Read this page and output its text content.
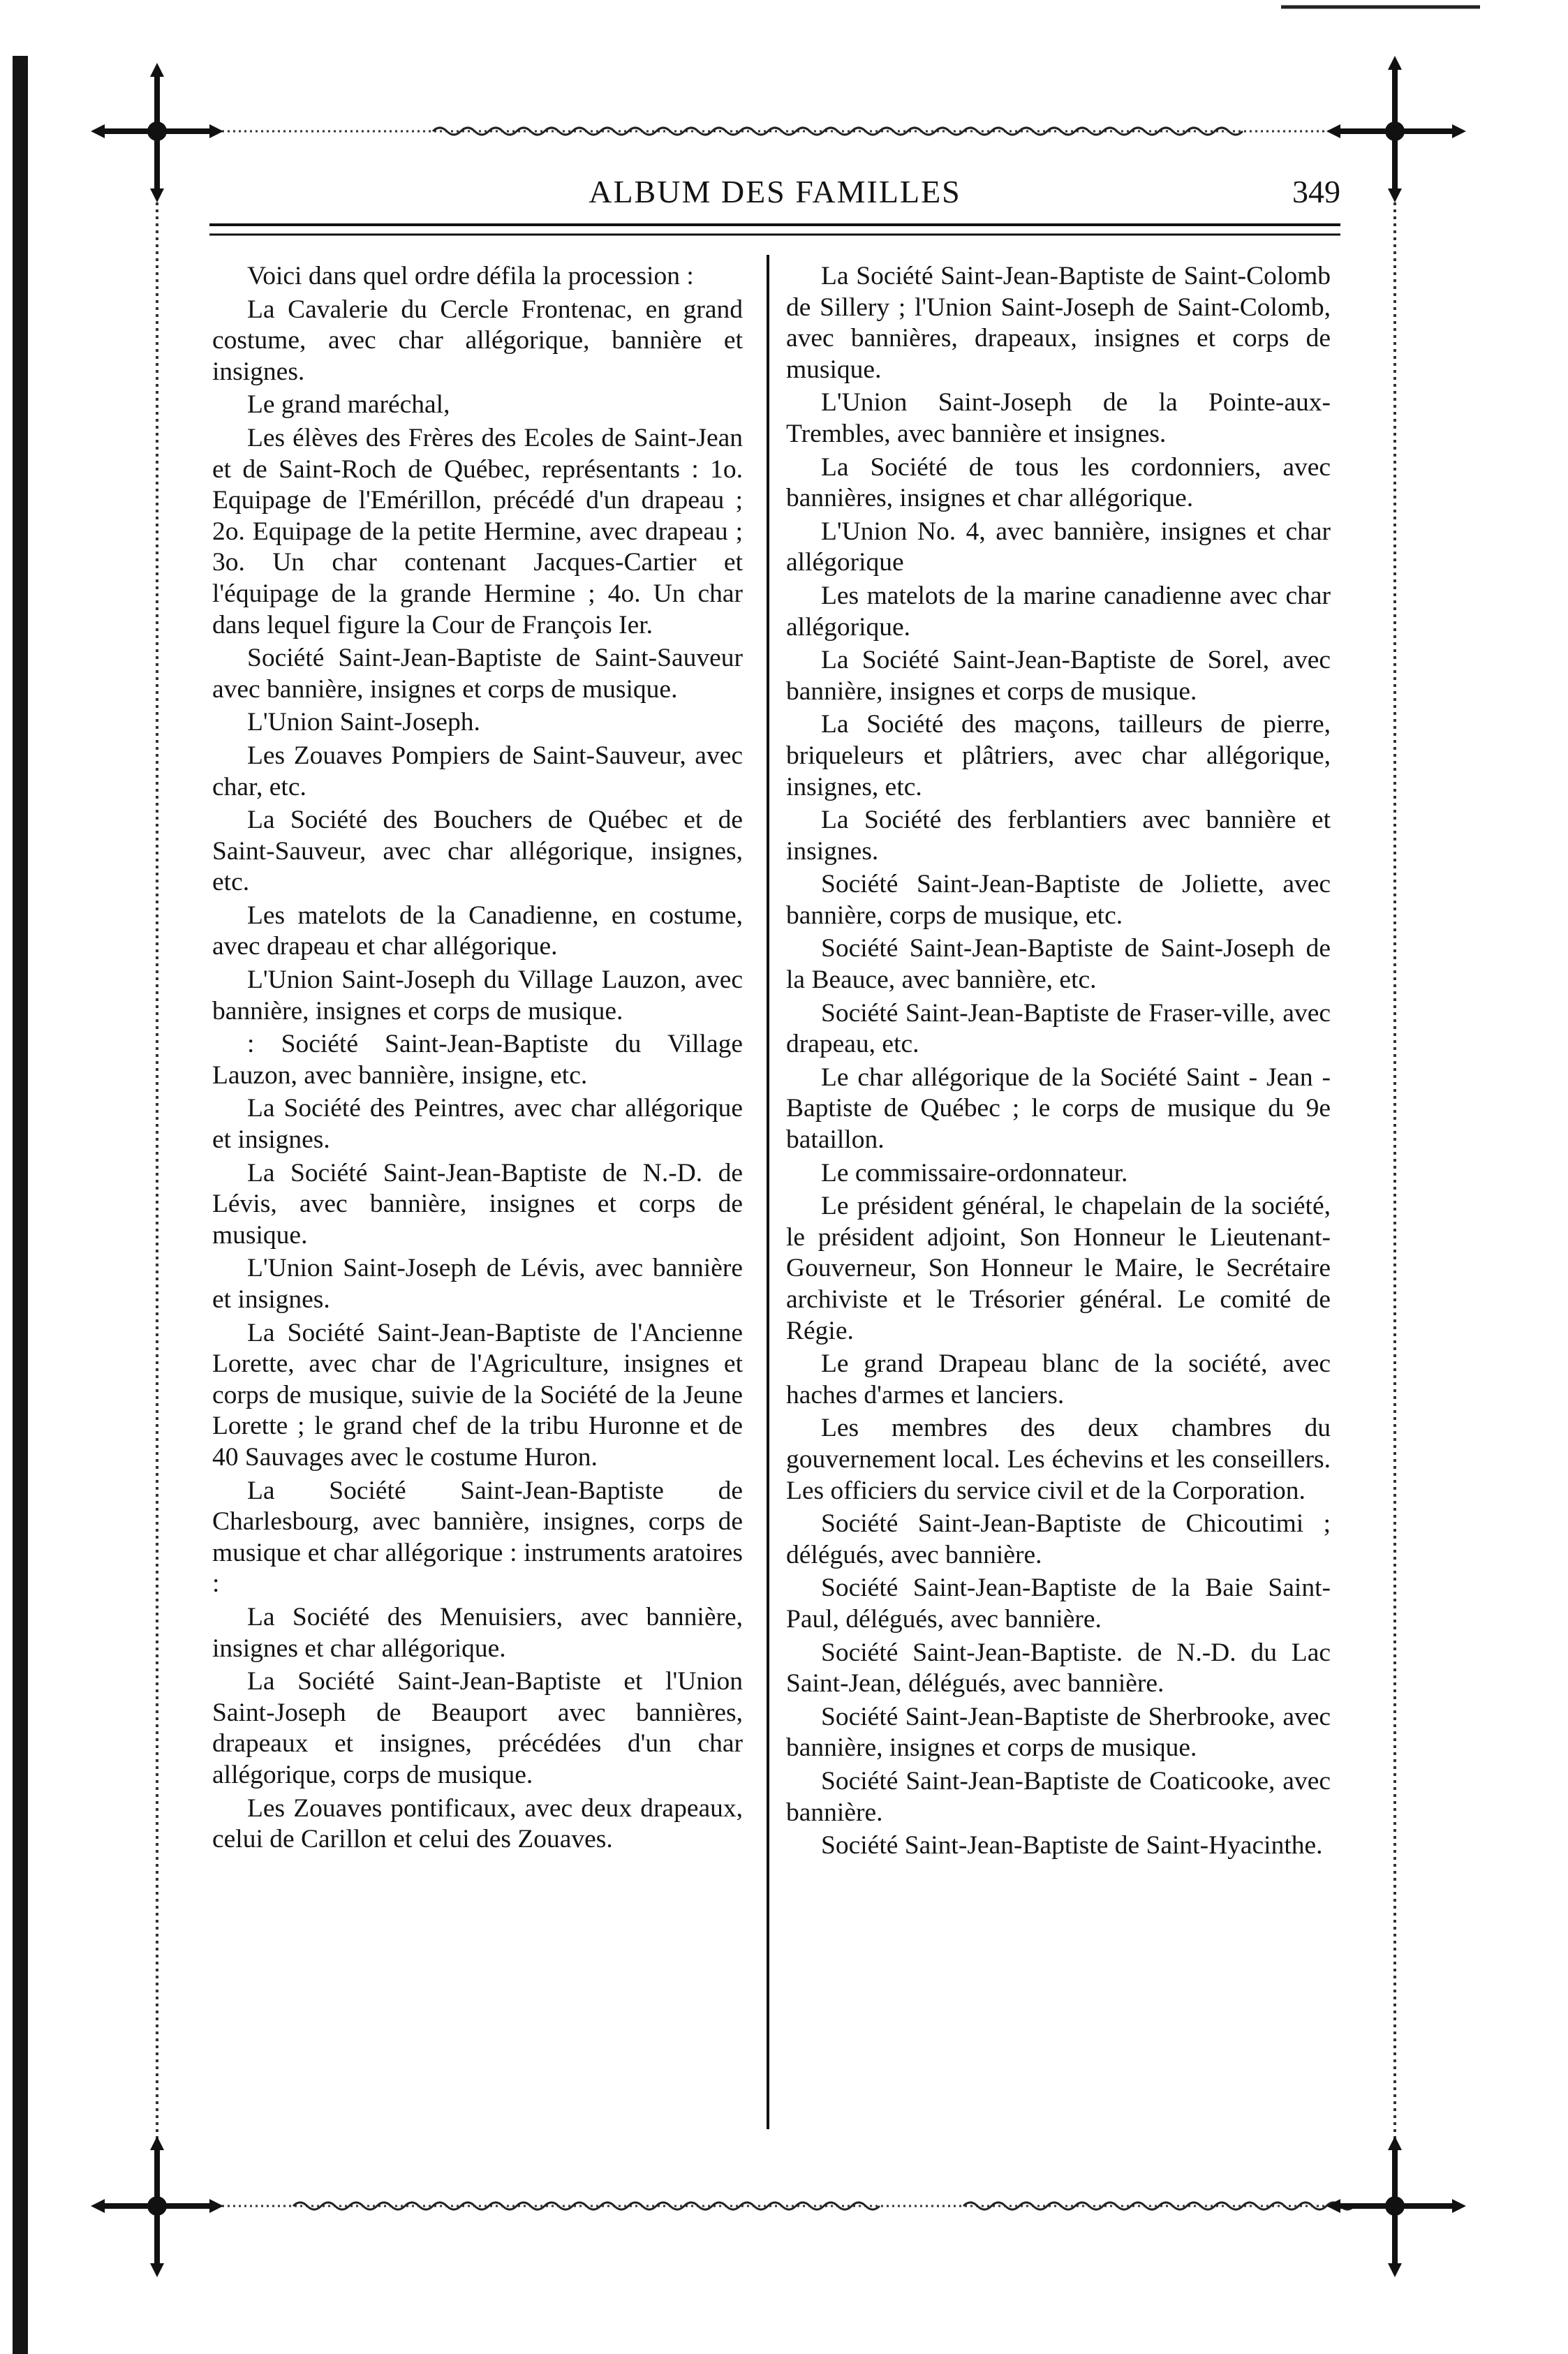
ALBUM DES FAMILLES	349

Voici dans quel ordre défila la procession :

La Cavalerie du Cercle Frontenac, en grand costume, avec char allégorique, bannière et insignes.

Le grand maréchal,

Les élèves des Frères des Ecoles de Saint-Jean et de Saint-Roch de Québec, représentants : 1o. Equipage de l'Emérillon, précédé d'un drapeau ; 2o. Equipage de la petite Hermine, avec drapeau ; 3o. Un char contenant Jacques-Cartier et l'équipage de la grande Hermine ; 4o. Un char dans lequel figure la Cour de François Ier.

Société Saint-Jean-Baptiste de Saint-Sauveur avec bannière, insignes et corps de musique.

L'Union Saint-Joseph.

Les Zouaves Pompiers de Saint-Sauveur, avec char, etc.

La Société des Bouchers de Québec et de Saint-Sauveur, avec char allégorique, insignes, etc.

Les matelots de la Canadienne, en costume, avec drapeau et char allégorique.

L'Union Saint-Joseph du Village Lauzon, avec bannière, insignes et corps de musique.

: Société Saint-Jean-Baptiste du Village Lauzon, avec bannière, insigne, etc.

La Société des Peintres, avec char allégorique et insignes.

La Société Saint-Jean-Baptiste de N.-D. de Lévis, avec bannière, insignes et corps de musique.

L'Union Saint-Joseph de Lévis, avec bannière et insignes.

La Société Saint-Jean-Baptiste de l'Ancienne Lorette, avec char de l'Agriculture, insignes et corps de musique, suivie de la Société de la Jeune Lorette ; le grand chef de la tribu Huronne et de 40 Sauvages avec le costume Huron.

La Société Saint-Jean-Baptiste de Charlesbourg, avec bannière, insignes, corps de musique et char allégorique : instruments aratoires :

La Société des Menuisiers, avec bannière, insignes et char allégorique.

La Société Saint-Jean-Baptiste et l'Union Saint-Joseph de Beauport avec bannières, drapeaux et insignes, précédées d'un char allégorique, corps de musique.

Les Zouaves pontificaux, avec deux drapeaux, celui de Carillon et celui des Zouaves.

La Société Saint-Jean-Baptiste de Saint-Colomb de Sillery ; l'Union Saint-Joseph de Saint-Colomb, avec bannières, drapeaux, insignes et corps de musique.

L'Union Saint-Joseph de la Pointe-aux-Trembles, avec bannière et insignes.

La Société de tous les cordonniers, avec bannières, insignes et char allégorique.

L'Union No. 4, avec bannière, insignes et char allégorique

Les matelots de la marine canadienne avec char allégorique.

La Société Saint-Jean-Baptiste de Sorel, avec bannière, insignes et corps de musique.

La Société des maçons, tailleurs de pierre, briqueleurs et plâtriers, avec char allégorique, insignes, etc.

La Société des ferblantiers avec bannière et insignes.

Société Saint-Jean-Baptiste de Joliette, avec bannière, corps de musique, etc.

Société Saint-Jean-Baptiste de Saint-Joseph de la Beauce, avec bannière, etc.

Société Saint-Jean-Baptiste de Fraser-ville, avec drapeau, etc.

Le char allégorique de la Société Saint - Jean - Baptiste de Québec ; le corps de musique du 9e bataillon.

Le commissaire-ordonnateur.

Le président général, le chapelain de la société, le président adjoint, Son Honneur le Lieutenant-Gouverneur, Son Honneur le Maire, le Secrétaire archiviste et le Trésorier général. Le comité de Régie.

Le grand Drapeau blanc de la société, avec haches d'armes et lanciers.

Les membres des deux chambres du gouvernement local. Les échevins et les conseillers. Les officiers du service civil et de la Corporation.

Société Saint-Jean-Baptiste de Chicoutimi ; délégués, avec bannière.

Société Saint-Jean-Baptiste de la Baie Saint-Paul, délégués, avec bannière.

Société Saint-Jean-Baptiste. de N.-D. du Lac Saint-Jean, délégués, avec bannière.

Société Saint-Jean-Baptiste de Sherbrooke, avec bannière, insignes et corps de musique.

Société Saint-Jean-Baptiste de Coaticooke, avec bannière.

Société Saint-Jean-Baptiste de Saint-Hyacinthe.
